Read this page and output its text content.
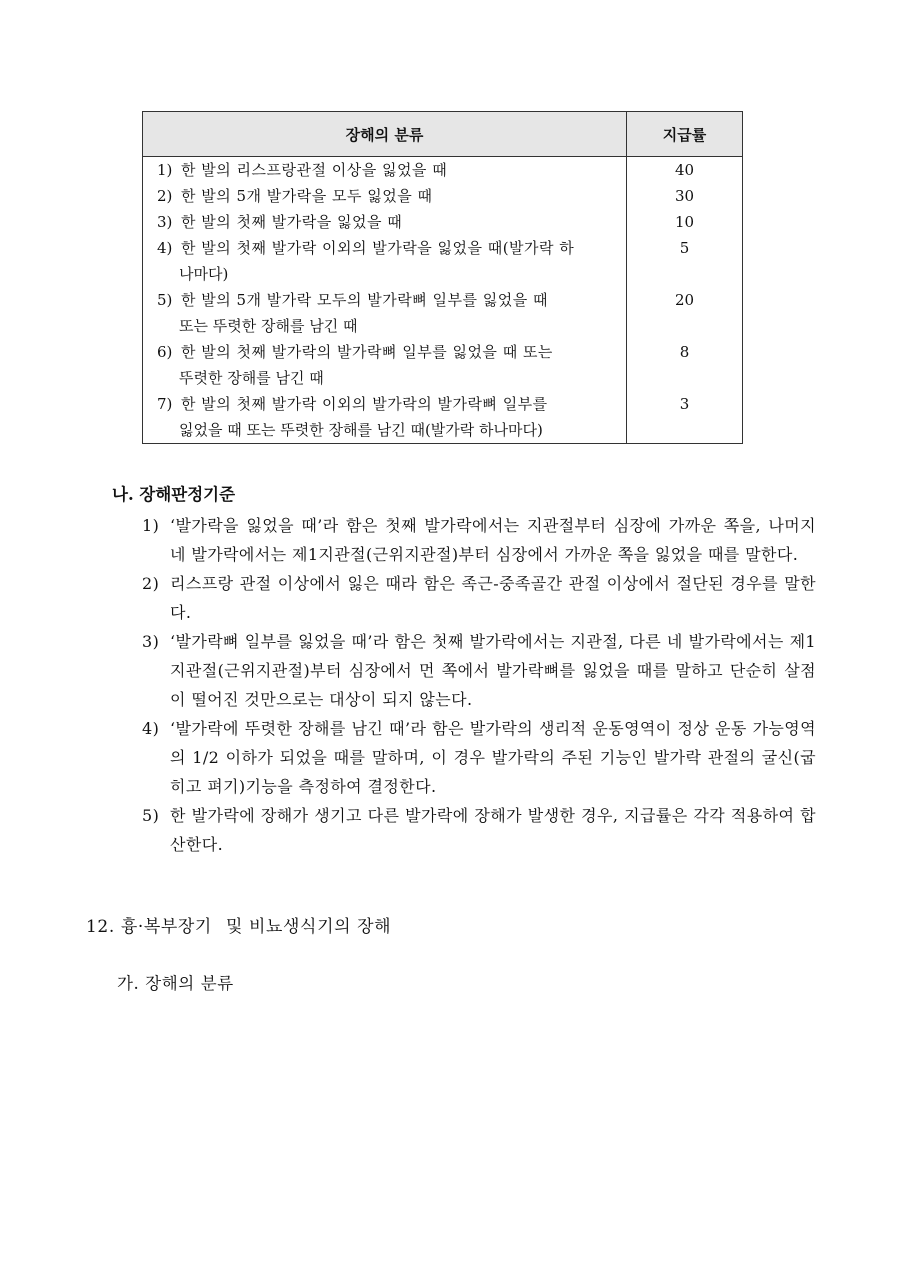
장해의 분류	지급률

1) 한 발의 리스프랑관절 이상을 잃었을 때	40

2) 한 발의 5개 발가락을 모두 잃었을 때	30

3) 한 발의 첫째 발가락을 잃었을 때	10

4) 한 발의 첫째 발가락 이외의 발가락을 잃었을 때(발가락 하
나마다)	5

5) 한 발의 5개 발가락 모두의 발가락뼈 일부를 잃었을 때
또는 뚜렷한 장해를 남긴 때	20

6) 한 발의 첫째 발가락의 발가락뼈 일부를 잃었을 때 또는
뚜렷한 장해를 남긴 때	8

7) 한 발의 첫째 발가락 이외의 발가락의 발가락뼈 일부를
잃었을 때 또는 뚜렷한 장해를 남긴 때(발가락 하나마다)	3
나. 장해판정기준
1) ‘발가락을 잃었을 때’라 함은 첫째 발가락에서는 지관절부터 심장에 가까운 쪽을, 나머지 네 발가락에서는 제1지관절(근위지관절)부터 심장에서 가까운 쪽을 잃었을 때를 말한다.
2) 리스프랑 관절 이상에서 잃은 때라 함은 족근-중족골간 관절 이상에서 절단된 경우를 말한다.
3) ‘발가락뼈 일부를 잃었을 때’라 함은 첫째 발가락에서는 지관절, 다른 네 발가락에서는 제1지관절(근위지관절)부터 심장에서 먼 쪽에서 발가락뼈를 잃었을 때를 말하고 단순히 살점이 떨어진 것만으로는 대상이 되지 않는다.
4) ‘발가락에 뚜렷한 장해를 남긴 때’라 함은 발가락의 생리적 운동영역이 정상 운동 가능영역의 1/2 이하가 되었을 때를 말하며, 이 경우 발가락의 주된 기능인 발가락 관절의 굴신(굽히고 펴기)기능을 측정하여 결정한다.
5) 한 발가락에 장해가 생기고 다른 발가락에 장해가 발생한 경우, 지급률은 각각 적용하여 합산한다.
12. 흉·복부장기 및 비뇨생식기의 장해
가. 장해의 분류
